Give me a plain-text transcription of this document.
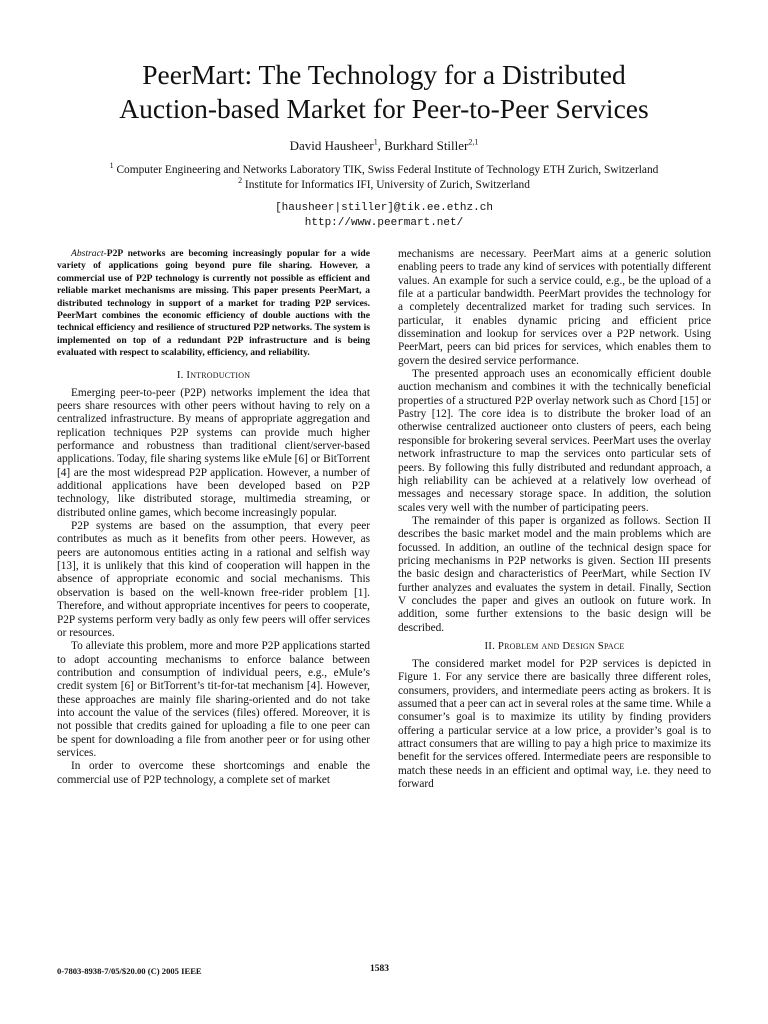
PeerMart: The Technology for a Distributed
Auction-based Market for Peer-to-Peer Services
David Hausheer$^1$, Burkhard Stiller$^{2,1}$
$^1$ Computer Engineering and Networks Laboratory TIK, Swiss Federal Institute of Technology ETH Zurich, Switzerland
$^2$ Institute for Informatics IFI, University of Zurich, Switzerland
[hausheer|stiller]@tik.ee.ethz.ch
http://www.peermart.net/

Abstract-P2P networks are becoming increasingly popular for a wide variety of applications going beyond pure file sharing. However, a commercial use of P2P technology is currently not possible as efficient and reliable market mechanisms are missing. This paper presents PeerMart, a distributed technology in support of a market for trading P2P services. PeerMart combines the economic efficiency of double auctions with the technical efficiency and resilience of structured P2P networks. The system is implemented on top of a redundant P2P infrastructure and is being evaluated with respect to scalability, efficiency, and reliability.

I. Introduction

Emerging peer-to-peer (P2P) networks implement the idea that peers share resources with other peers without having to rely on a centralized infrastructure. By means of appropriate aggregation and replication techniques P2P systems can provide much higher performance and robustness than traditional client/server-based applications. Today, file sharing systems like eMule [6] or BitTorrent [4] are the most widespread P2P application. However, a number of additional applications have been developed based on P2P technology, like distributed storage, multimedia streaming, or distributed online games, which become increasingly popular.

P2P systems are based on the assumption, that every peer contributes as much as it benefits from other peers. However, as peers are autonomous entities acting in a rational and selfish way [13], it is unlikely that this kind of cooperation will happen in the absence of appropriate economic and social mechanisms. This observation is based on the well-known free-rider problem [1]. Therefore, and without appropriate incentives for peers to cooperate, P2P systems perform very badly as only few peers will offer services or resources.

To alleviate this problem, more and more P2P applications started to adopt accounting mechanisms to enforce balance between contribution and consumption of individual peers, e.g., eMule’s credit system [6] or BitTorrent’s tit-for-tat mechanism [4]. However, these approaches are mainly file sharing-oriented and do not take into account the value of the services (files) offered. Moreover, it is not possible that credits gained for uploading a file to one peer can be spent for downloading a file from another peer or for using other services.

In order to overcome these shortcomings and enable the commercial use of P2P technology, a complete set of market

mechanisms are necessary. PeerMart aims at a generic solution enabling peers to trade any kind of services with potentially different values. An example for such a service could, e.g., be the upload of a file at a particular bandwidth. PeerMart provides the technology for a completely decentralized market for trading such services. In particular, it enables dynamic pricing and efficient price dissemination and lookup for services over a P2P network. Using PeerMart, peers can bid prices for services, which enables them to govern the desired service performance.

The presented approach uses an economically efficient double auction mechanism and combines it with the technically beneficial properties of a structured P2P overlay network such as Chord [15] or Pastry [12]. The core idea is to distribute the broker load of an otherwise centralized auctioneer onto clusters of peers, each being responsible for brokering several services. PeerMart uses the overlay network infrastructure to map the services onto particular sets of peers. By following this fully distributed and redundant approach, a high reliability can be achieved at a relatively low overhead of messages and necessary storage space. In addition, the solution scales very well with the number of participating peers.

The remainder of this paper is organized as follows. Section II describes the basic market model and the main problems which are focussed. In addition, an outline of the technical design space for pricing mechanisms in P2P networks is given. Section III presents the basic design and characteristics of PeerMart, while Section IV further analyzes and evaluates the system in detail. Finally, Section V concludes the paper and gives an outlook on future work. In addition, some further extensions to the basic design will be described.

II. Problem and Design Space

The considered market model for P2P services is depicted in Figure 1. For any service there are basically three different roles, consumers, providers, and intermediate peers acting as brokers. It is assumed that a peer can act in several roles at the same time. While a consumer’s goal is to maximize its utility by finding providers offering a particular service at a low price, a provider’s goal is to attract consumers that are willing to pay a high price to maximize its benefit for the services offered. Intermediate peers are responsible to match these needs in an efficient and optimal way, i.e. they need to forward

0-7803-8938-7/05/$20.00 (C) 2005 IEEE	1583
